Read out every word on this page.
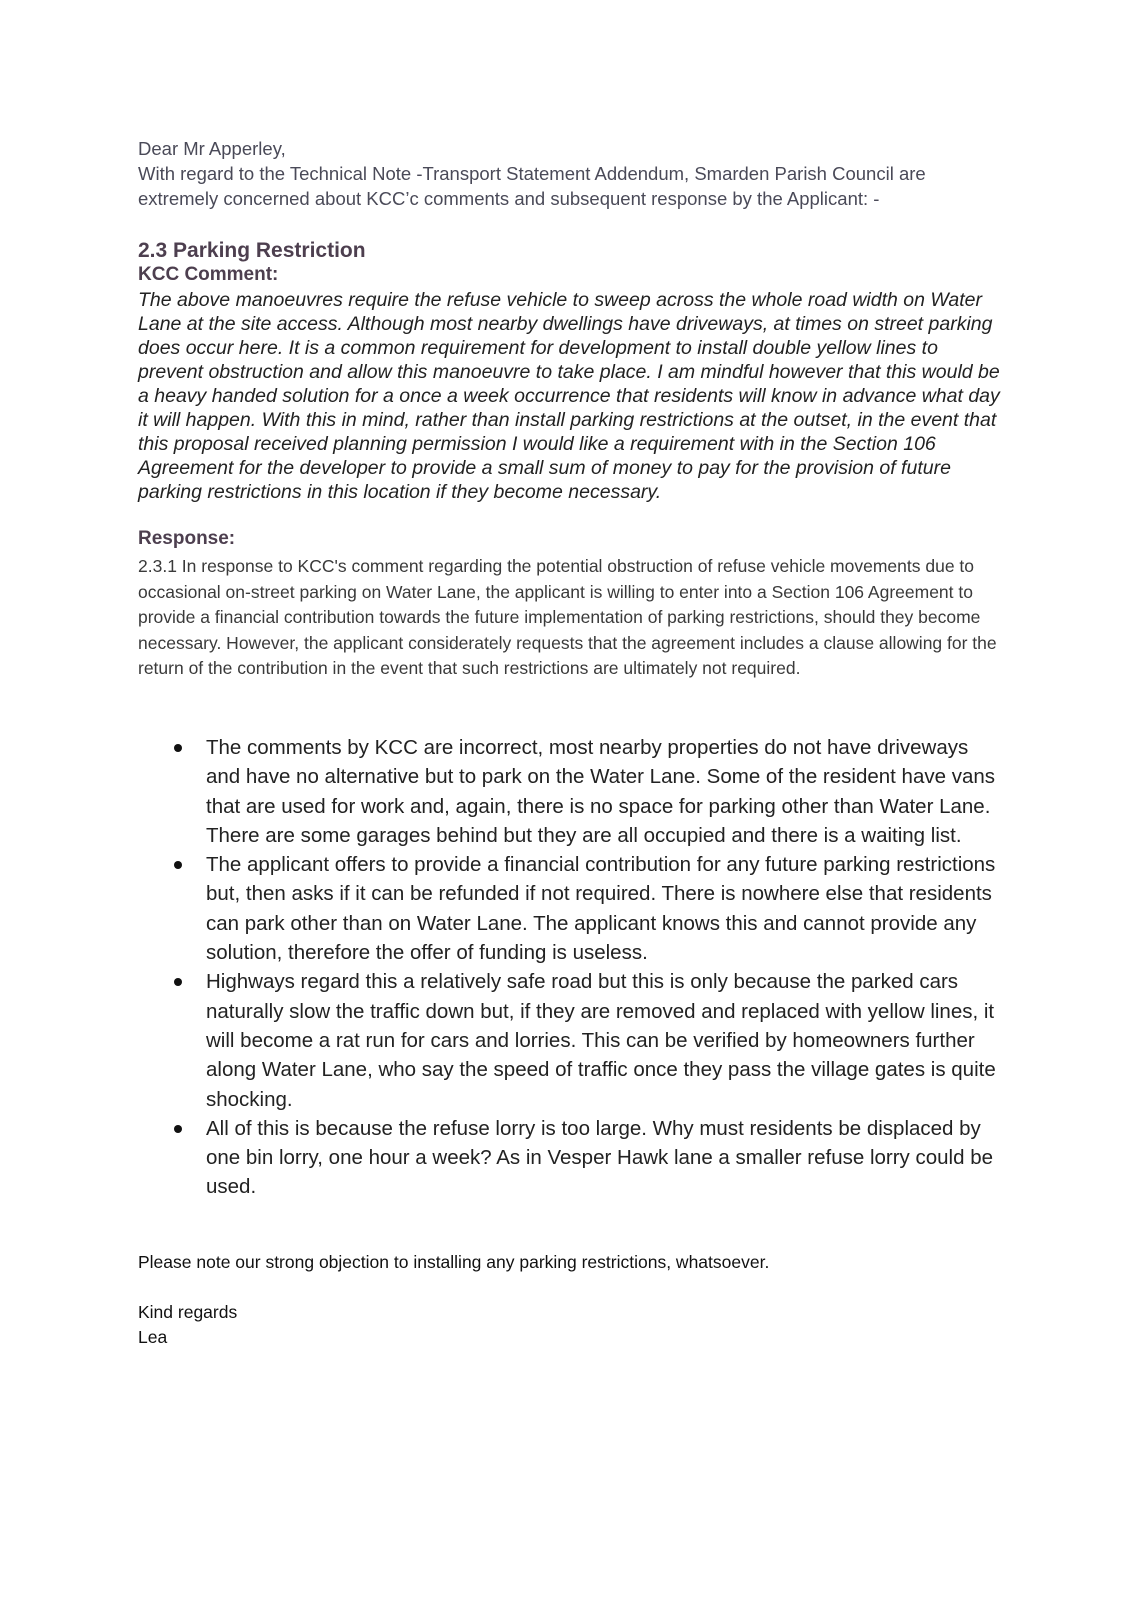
Dear Mr Apperley,

With regard to the Technical Note -Transport Statement Addendum, Smarden Parish Council are extremely concerned about KCC’c comments and subsequent response by the Applicant: -

2.3 Parking Restriction
KCC Comment:

The above manoeuvres require the refuse vehicle to sweep across the whole road width on Water Lane at the site access. Although most nearby dwellings have driveways, at times on street parking does occur here. It is a common requirement for development to install double yellow lines to prevent obstruction and allow this manoeuvre to take place. I am mindful however that this would be a heavy handed solution for a once a week occurrence that residents will know in advance what day it will happen. With this in mind, rather than install parking restrictions at the outset, in the event that this proposal received planning permission I would like a requirement with in the Section 106 Agreement for the developer to provide a small sum of money to pay for the provision of future parking restrictions in this location if they become necessary.

Response:

2.3.1 In response to KCC's comment regarding the potential obstruction of refuse vehicle movements due to occasional on-street parking on Water Lane, the applicant is willing to enter into a Section 106 Agreement to provide a financial contribution towards the future implementation of parking restrictions, should they become necessary. However, the applicant considerately requests that the agreement includes a clause allowing for the return of the contribution in the event that such restrictions are ultimately not required.

The comments by KCC are incorrect, most nearby properties do not have driveways and have no alternative but to park on the Water Lane. Some of the resident have vans that are used for work and, again, there is no space for parking other than Water Lane. There are some garages behind but they are all occupied and there is a waiting list.
The applicant offers to provide a financial contribution for any future parking restrictions but, then asks if it can be refunded if not required. There is nowhere else that residents can park other than on Water Lane. The applicant knows this and cannot provide any solution, therefore the offer of funding is useless.
Highways regard this a relatively safe road but this is only because the parked cars naturally slow the traffic down but, if they are removed and replaced with yellow lines, it will become a rat run for cars and lorries. This can be verified by homeowners further along Water Lane, who say the speed of traffic once they pass the village gates is quite shocking.
All of this is because the refuse lorry is too large. Why must residents be displaced by one bin lorry, one hour a week? As in Vesper Hawk lane a smaller refuse lorry could be used.

Please note our strong objection to installing any parking restrictions, whatsoever.

Kind regards
Lea
